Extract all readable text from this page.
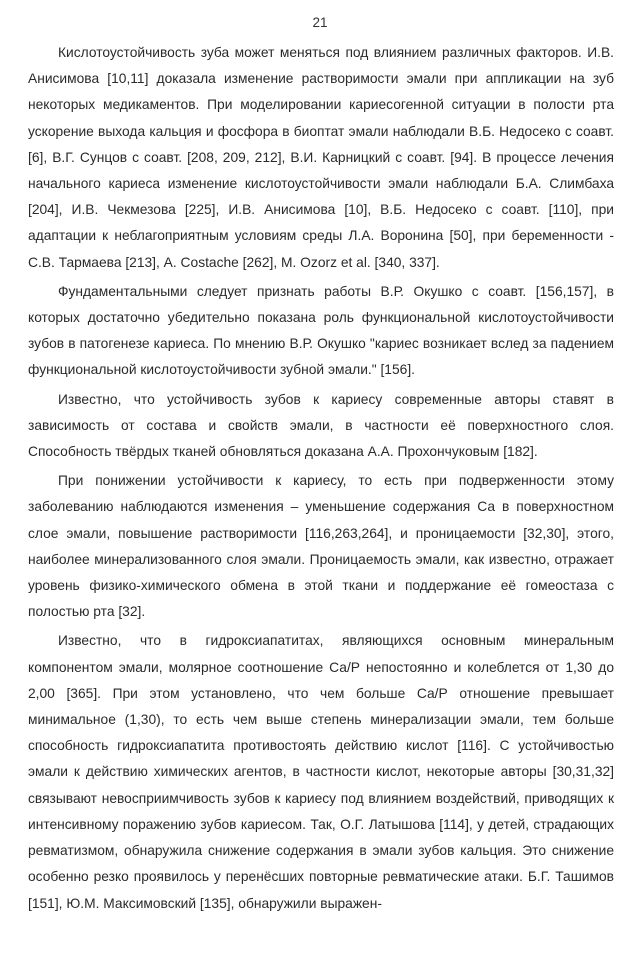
21

Кислотоустойчивость зуба может меняться под влиянием различных факторов. И.В. Анисимова [10,11] доказала изменение растворимости эмали при аппликации на зуб некоторых медикаментов. При моделировании кариесогенной ситуации в полости рта ускорение выхода кальция и фосфора в биоптат эмали наблюдали В.Б. Недосеко с соавт. [6], В.Г. Сунцов с соавт. [208, 209, 212], В.И. Карницкий с соавт. [94]. В процессе лечения начального кариеса изменение кислотоустойчивости эмали наблюдали Б.А. Слимбаха [204], И.В. Чекмезова [225], И.В. Анисимова [10], В.Б. Недосеко с соавт. [110], при адаптации к неблагоприятным условиям среды Л.А. Воронина [50], при беременности - С.В. Тармаева [213], A. Costache [262], M. Ozorz et al. [340, 337].

Фундаментальными следует признать работы В.Р. Окушко с соавт. [156,157], в которых достаточно убедительно показана роль функциональной кислотоустойчивости зубов в патогенезе кариеса. По мнению В.Р. Окушко "кариес возникает вслед за падением функциональной кислотоустойчивости зубной эмали." [156].

Известно, что устойчивость зубов к кариесу современные авторы ставят в зависимость от состава и свойств эмали, в частности её поверхностного слоя. Способность твёрдых тканей обновляться доказана А.А. Прохончуковым [182].

При понижении устойчивости к кариесу, то есть при подверженности этому заболеванию наблюдаются изменения – уменьшение содержания Са в поверхностном слое эмали, повышение растворимости [116,263,264], и проницаемости [32,30], этого, наиболее минерализованного слоя эмали. Проницаемость эмали, как известно, отражает уровень физико-химического обмена в этой ткани и поддержание её гомеостаза с полостью рта [32].

Известно, что в гидроксиапатитах, являющихся основным минеральным компонентом эмали, молярное соотношение Са/Р непостоянно и колеблется от 1,30 до 2,00 [365]. При этом установлено, что чем больше Са/Р отношение превышает минимальное (1,30), то есть чем выше степень минерализации эмали, тем больше способность гидроксиапатита противостоять действию кислот [116]. С устойчивостью эмали к действию химических агентов, в частности кислот, некоторые авторы [30,31,32] связывают невосприимчивость зубов к кариесу под влиянием воздействий, приводящих к интенсивному поражению зубов кариесом. Так, О.Г. Латышова [114], у детей, страдающих ревматизмом, обнаружила снижение содержания в эмали зубов кальция. Это снижение особенно резко проявилось у перенёсших повторные ревматические атаки. Б.Г. Ташимов [151], Ю.М. Максимовский [135], обнаружили выражен-
